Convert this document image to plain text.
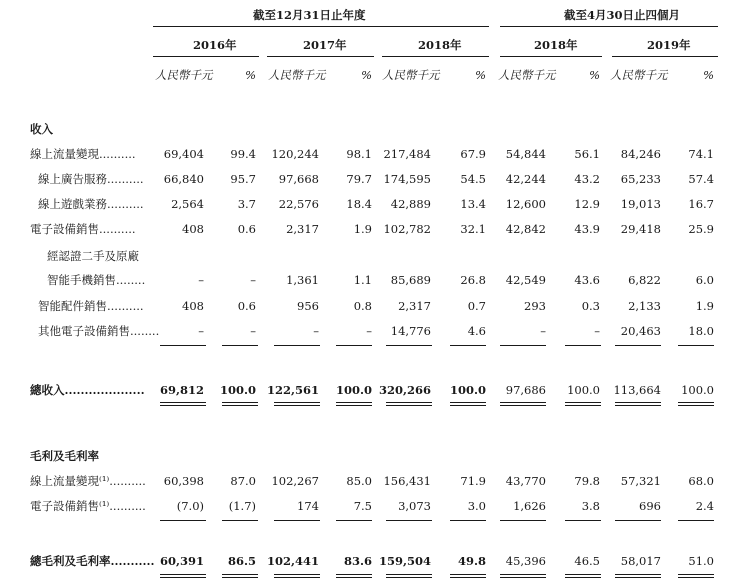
截至12月31日止年度	截至4月30日止四個月
2016年	2017年	2018年	2018年	2019年
人民幣千元	% 人民幣千元	% 人民幣千元	% 人民幣千元	% 人民幣千元	%
收入
線上流量變現..........	69,404	99.4	120,244	98.1 217,484	67.9	54,844	56.1	84,246	74.1
線上廣告服務..........	66,840	95.7	97,668	79.7 174,595	54.5	42,244	43.2	65,233	57.4
線上遊戲業務..........	2,564	3.7	22,576	18.4	42,889	13.4	12,600	12.9	19,013	16.7
電子設備銷售..........	408	0.6	2,317	1.9 102,782	32.1	42,842	43.9	29,418	25.9
經認證二手及原廠
智能手機銷售........	–	–	1,361	1.1	85,689	26.8	42,549	43.6	6,822	6.0
智能配件銷售..........	408	0.6	956	0.8	2,317	0.7	293	0.3	2,133	1.9
其他電子設備銷售........	–	–	–	–	14,776	4.6	–	–	20,463	18.0
總收入....................	69,812	100.0 122,561	100.0 320,266	100.0	97,686	100.0	113,664	100.0
毛利及毛利率
線上流量變現⁽¹⁾..........	60,398	87.0	102,267	85.0 156,431	71.9	43,770	79.8	57,321	68.0
電子設備銷售⁽¹⁾..........	(7.0)	(1.7)	174	7.5	3,073	3.0	1,626	3.8	696	2.4
總毛利及毛利率........... 60,391	86.5 102,441	83.6 159,504	49.8	45,396	46.5	58,017	51.0
